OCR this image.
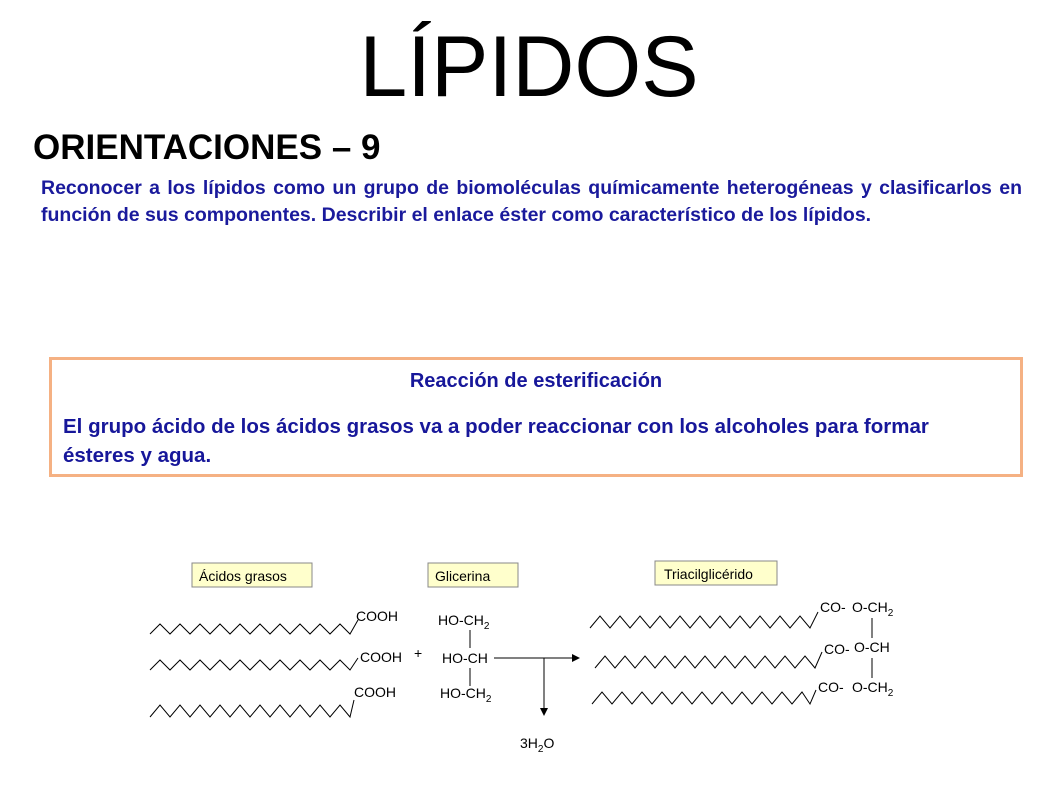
LÍPIDOS
ORIENTACIONES – 9
Reconocer a los lípidos como un grupo de biomoléculas químicamente heterogéneas y clasificarlos en función de sus componentes. Describir el enlace éster como característico de los lípidos.
Reacción de esterificación
El grupo ácido de los ácidos grasos va a poder reaccionar con los alcoholes para formar ésteres y agua.
Ácidos grasos	Glicerina	Triacilglicérido
COOH
COOH
COOH
+
$HO-CH_2$
HO-CH
$HO-CH_2$
$3H_2O$
CO-
CO-
CO-
$O-CH_2$
O-CH
$O-CH_2$
